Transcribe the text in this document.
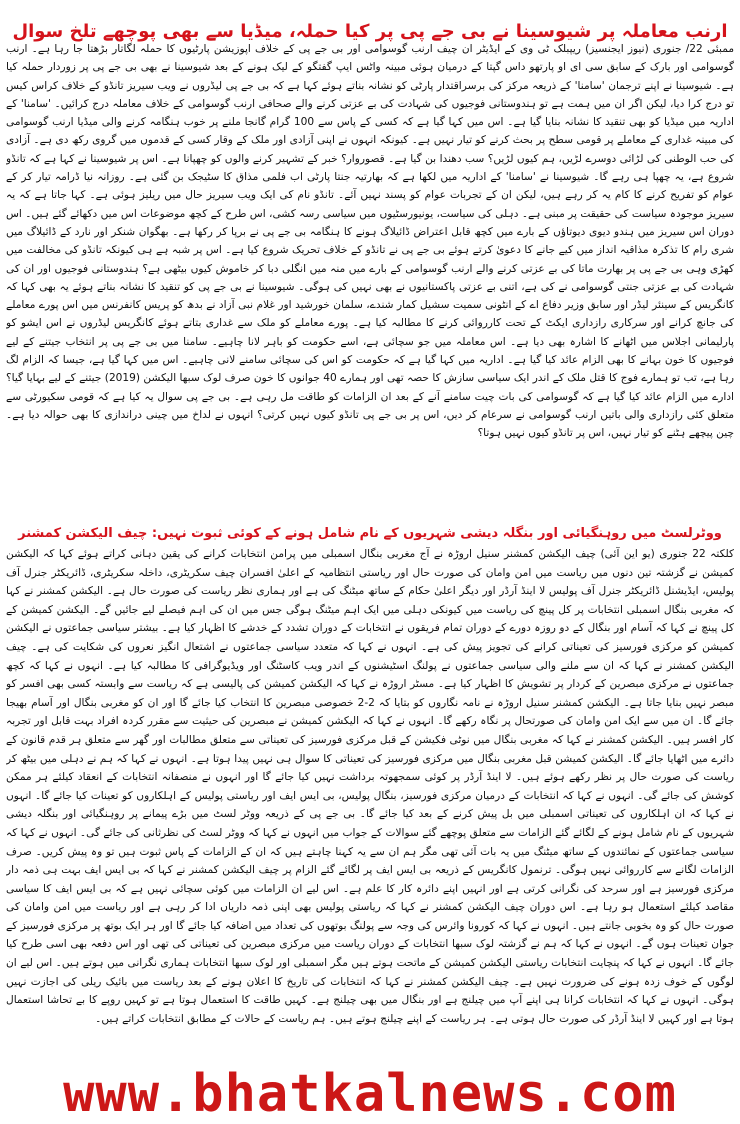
ارنب معاملہ پر شیوسینا نے بی جے پی پر کیا حملہ، میڈیا سے بھی پوچھے تلخ سوال

ممبئی 22/ جنوری (نیوز ایجنسیز) ریپبلک ٹی وی کے ایڈیٹر ان چیف ارنب گوسوامی اور بی جے پی کے خلاف اپوزیشن پارٹیوں کا حملہ لگاتار بڑھتا جا رہا ہے۔ ارنب گوسوامی اور بارک کے سابق سی ای او پارتھو داس گپتا کے درمیان ہوئی مبینہ واٹس ایپ گفتگو کے لیک ہونے کے بعد شیوسینا نے بھی بی جے پی پر زوردار حملہ کیا ہے۔ شیوسینا نے اپنے ترجمان 'سامنا' کے ذریعہ مرکز کی برسراقتدار پارٹی کو نشانہ بناتے ہوئے کہا ہے کہ بی جے پی لیڈروں نے ویب سیریز تانڈو کے خلاف کراس کیس تو درج کرا دیا، لیکن اگر ان میں ہمت ہے تو ہندوستانی فوجیوں کی شہادت کی بے عزتی کرنے والے صحافی ارنب گوسوامی کے خلاف معاملہ درج کرائیں۔ 'سامنا' کے اداریہ میں میڈیا کو بھی تنقید کا نشانہ بنایا گیا ہے۔ اس میں کہا گیا ہے کہ کسی کے پاس سے 100 گرام گانجا ملنے پر خوب ہنگامہ کرنے والی میڈیا ارنب گوسوامی کی مبینہ غداری کے معاملے پر قومی سطح پر بحث کرنے کو تیار نہیں ہے۔ کیونکہ انہوں نے اپنی آزادی اور ملک کے وقار کسی کے قدموں میں گروی رکھ دی ہے۔ آزادی کی حب الوطنی کی لڑائی دوسرے لڑیں، ہم کیوں لڑیں؟ سب دھندا بن گیا ہے۔ قصوروار؟ خبر کے تشہیر کرنے والوں کو چھپانا ہے۔ اس پر شیوسینا نے کہا ہے کہ تانڈو شروع ہے، یہ چھپا ہی رہے گا۔ شیوسینا نے 'سامنا' کے اداریہ میں لکھا ہے کہ بھارتیہ جنتا پارٹی اب فلمی مذاق کا سٹیجک بن گئی ہے۔ روزانہ نیا ڈرامہ تیار کر کے عوام کو تفریح کرنے کا کام یہ کر رہے ہیں، لیکن ان کے تجربات عوام کو پسند نہیں آئے۔ تانڈو نام کی ایک ویب سیریز حال میں ریلیز ہوئی ہے۔ کہا جاتا ہے کہ یہ سیریز موجودہ سیاست کی حقیقت پر مبنی ہے۔ دہلی کی سیاست، یونیورسٹیوں میں سیاسی رسہ کشی، اس طرح کے کچھ موضوعات اس میں دکھائے گئے ہیں۔ اس دوران اس سیریز میں ہندو دیوی دیوتاؤں کے بارے میں کچھ قابل اعتراض ڈائیلاگ ہونے کا ہنگامہ بی جے پی نے برپا کر رکھا ہے۔ بھگوان شنکر اور نارد کے ڈائیلاگ میں شری رام کا تذکرہ مذاقیہ انداز میں کیے جانے کا دعویٰ کرتے ہوئے بی جے پی نے تانڈو کے خلاف تحریک شروع کیا ہے۔ اس پر شبہ ہے ہی کیونکہ تانڈو کی مخالفت میں کھڑی وہی بی جے پی پر بھارت ماتا کی بے عزتی کرنے والے ارنب گوسوامی کے بارے میں منہ میں انگلی دبا کر خاموش کیوں بیٹھی ہے؟ ہندوستانی فوجیوں اور ان کی شہادت کی بے عزتی جنتی گوسوامی نے کی ہے، اتنی بے عزتی پاکستانیوں نے بھی نہیں کی ہوگی۔ شیوسینا نے بی جے پی کو تنقید کا نشانہ بناتے ہوئے یہ بھی کہا کہ کانگریس کے سینئر لیڈر اور سابق وزیر دفاع اے کے انٹونی سمیت سشیل کمار شندے، سلمان خورشید اور غلام نبی آزاد نے بدھ کو پریس کانفرنس میں اس پورے معاملے کی جانچ کرانے اور سرکاری رازداری ایکٹ کے تحت کارروائی کرنے کا مطالبہ کیا ہے۔ پورے معاملے کو ملک سے غداری بتاتے ہوئے کانگریس لیڈروں نے اس ایشو کو پارلیمانی اجلاس میں اٹھانے کا اشارہ بھی دیا ہے۔ اس معاملہ میں جو سچائی ہے، اسے حکومت کو باہر لانا چاہیے۔ سامنا میں بی جے پی پر انتخاب جیتنے کے لیے فوجیوں کا خون بہانے کا بھی الزام عائد کیا گیا ہے۔ اداریہ میں کہا گیا ہے کہ حکومت کو اس کی سچائی سامنے لانی چاہیے۔ اس میں کہا گیا ہے، جیسا کہ الزام لگ رہا ہے، تب تو ہمارے فوج کا قتل ملک کے اندر ایک سیاسی سازش کا حصہ تھی اور ہمارے 40 جوانوں کا خون صرف لوک سبھا الیکشن (2019) جیتنے کے لیے بہایا گیا؟ ادارے میں الزام عائد کیا گیا ہے کہ گوسوامی کی بات چیت سامنے آنے کے بعد ان الزامات کو طاقت مل رہی ہے۔ بی جے پی سوال یہ کیا ہے کہ قومی سکیورٹی سے متعلق کئی رازداری والی باتیں ارنب گوسوامی نے سرعام کر دیں، اس پر بی جے پی تانڈو کیوں نہیں کرتی؟ انہوں نے لداخ میں چینی دراندازی کا بھی حوالہ دیا ہے۔ چین پیچھے ہٹنے کو تیار نہیں، اس پر تانڈو کیوں نہیں ہوتا؟

ووٹرلسٹ میں روہنگیائی اور بنگلہ دیشی شہریوں کے نام شامل ہونے کے کوئی ثبوت نہیں: چیف الیکشن کمشنر

کلکتہ 22 جنوری (یو این آئی) چیف الیکشن کمشنر سنیل اروڑہ نے آج مغربی بنگال اسمبلی میں پرامن انتخابات کرانے کی یقین دہانی کراتے ہوئے کہا کہ الیکشن کمیشن نے گزشتہ تین دنوں میں ریاست میں امن وامان کی صورت حال اور ریاستی انتظامیہ کے اعلیٰ افسران چیف سکریٹری، داخلہ سکریٹری، ڈائریکٹر جنرل آف پولیس، ایڈیشنل ڈائریکٹر جنرل آف پولیس لا اینڈ آرڈر اور دیگر اعلیٰ حکام کے ساتھ میٹنگ کی ہے اور ہماری نظر ریاست کی صورت حال ہے۔ الیکشن کمشنر نے کہا کہ مغربی بنگال اسمبلی انتخابات پر کل پینچ کی ریاست میں کیونکی دہلی میں ایک اہم میٹنگ ہوگی جس میں ان کی اہم فیصلے لیے جائیں گے۔ الیکشن کمیشن کے کل پینچ نے کہا کہ آسام اور بنگال کے دو روزہ دورے کے دوران تمام فریقوں نے انتخابات کے دوران تشدد کے خدشے کا اظہار کیا ہے۔ بیشتر سیاسی جماعتوں نے الیکشن کمیشن کو مرکزی فورسیز کی تعیناتی کرانے کی تجویز پیش کی ہے۔ انہوں نے کہا کہ متعدد سیاسی جماعتوں نے اشتعال انگیز نعروں کی شکایت کی ہے۔ چیف الیکشن کمشنر نے کہا کہ ان سے ملنے والی سیاسی جماعتوں نے پولنگ اسٹیشنوں کے اندر ویب کاسٹنگ اور ویڈیوگرافی کا مطالبہ کیا ہے۔ انہوں نے کہا کہ کچھ جماعتوں نے مرکزی مبصرین کے کردار پر تشویش کا اظہار کیا ہے۔ مسٹر اروڑہ نے کہا کہ الیکشن کمیشن کی پالیسی ہے کہ ریاست سے وابستہ کسی بھی افسر کو مبصر نہیں بنایا جاتا ہے۔ الیکشن کمشنر سنیل اروڑہ نے نامہ نگاروں کو بتایا کہ 2-2 خصوصی مبصرین کا انتخاب کیا جائے گا اور ان کو مغربی بنگال اور آسام بھیجا جائے گا۔ ان میں سے ایک امن وامان کی صورتحال پر نگاہ رکھے گا۔ انہوں نے کہا کہ الیکشن کمیشن نے مبصرین کی حیثیت سے مقرر کردہ افراد بہت قابل اور تجربہ کار افسر ہیں۔ الیکشن کمشنر نے کہا کہ مغربی بنگال میں نوٹی فکیشن کے قبل مرکزی فورسیز کی تعیناتی سے متعلق مطالبات اور گھر سے متعلق ہر قدم قانون کے دائرے میں اٹھایا جائے گا۔ الیکشن کمیشن قبل مغربی بنگال میں مرکزی فورسیز کی تعیناتی کا سوال ہی نہیں پیدا ہوتا ہے۔ انہوں نے کہا کہ ہم نے دہلی میں بیٹھ کر ریاست کی صورت حال پر نظر رکھے ہوئے ہیں۔ لا اینڈ آرڈر پر کوئی سمجھوتہ برداشت نہیں کیا جائے گا اور انہوں نے منصفانہ انتخابات کے انعقاد کیلئے ہر ممکن کوشش کی جائے گی۔ انہوں نے کہا کہ انتخابات کے درمیان مرکزی فورسیز، بنگال پولیس، بی ایس ایف اور ریاستی پولیس کے اہلکاروں کو تعینات کیا جائے گا۔ انہوں نے کہا کہ ان اہلکاروں کی تعیناتی اسمبلی میں بل پیش کرنے کے بعد کیا جائے گا۔ بی جے پی کے ذریعہ ووٹر لسٹ میں بڑے پیمانے پر روہنگیائی اور بنگلہ دیشی شہریوں کے نام شامل ہونے کے لگائے گئے الزامات سے متعلق پوچھے گئے سوالات کے جواب میں انہوں نے کہا کہ ووٹر لسٹ کی نظرثانی کی جائے گی۔ انہوں نے کہا کہ سیاسی جماعتوں کے نمائندوں کے ساتھ میٹنگ میں یہ بات آئی تھی مگر ہم ان سے یہ کہنا چاہتے ہیں کہ ان کے الزامات کے پاس ثبوت ہیں تو وہ پیش کریں۔ صرف الزامات لگانے سے کارروائی نہیں ہوگی۔ ترنمول کانگریس کے ذریعہ بی ایس ایف پر لگائے گئے الزام پر چیف الیکشن کمشنر نے کہا کہ بی ایس ایف بہت ہی ذمہ دار مرکزی فورسیز ہے اور سرحد کی نگرانی کرتی ہے اور انہیں اپنے دائرہ کار کا علم ہے۔ اس لیے ان الزامات میں کوئی سچائی نہیں ہے کہ بی ایس ایف کا سیاسی مقاصد کیلئے استعمال ہو رہا ہے۔ اس دوران چیف الیکشن کمشنر نے کہا کہ ریاستی پولیس بھی اپنی ذمہ داریاں ادا کر رہی ہے اور ریاست میں امن وامان کی صورت حال کو وہ بخوبی جانتے ہیں۔ انہوں نے کہا کہ کورونا وائرس کی وجہ سے پولنگ بوتھوں کی تعداد میں اضافہ کیا جائے گا اور ہر ایک بوتھ پر مرکزی فورسیز کے جوان تعینات ہوں گے۔ انہوں نے کہا کہ ہم نے گزشتہ لوک سبھا انتخابات کے دوران ریاست میں مرکزی مبصرین کی تعیناتی کی تھی اور اس دفعہ بھی اسی طرح کیا جائے گا۔ انہوں نے کہا کہ پنچایت انتخابات ریاستی الیکشن کمیشن کے ماتحت ہوتے ہیں مگر اسمبلی اور لوک سبھا انتخابات ہماری نگرانی میں ہوتے ہیں۔ اس لیے ان لوگوں کے خوف زدہ ہونے کی ضرورت نہیں ہے۔ چیف الیکشن کمشنر نے کہا کہ انتخابات کی تاریخ کا اعلان ہونے کے بعد ریاست میں بائیک ریلی کی اجازت نہیں ہوگی۔ انہوں نے کہا کہ انتخابات کرانا ہی اپنے آپ میں چیلنج ہے اور بنگال میں بھی چیلنج ہے۔ کہیں طاقت کا استعمال ہوتا ہے تو کہیں روپے کا بے تحاشا استعمال ہوتا ہے اور کہیں لا اینڈ آرڈر کی صورت حال ہوتی ہے۔ ہر ریاست کے اپنے چیلنج ہوتے ہیں۔ ہم ریاست کے حالات کے مطابق انتخابات کراتے ہیں۔

www.bhatkalnews.com
